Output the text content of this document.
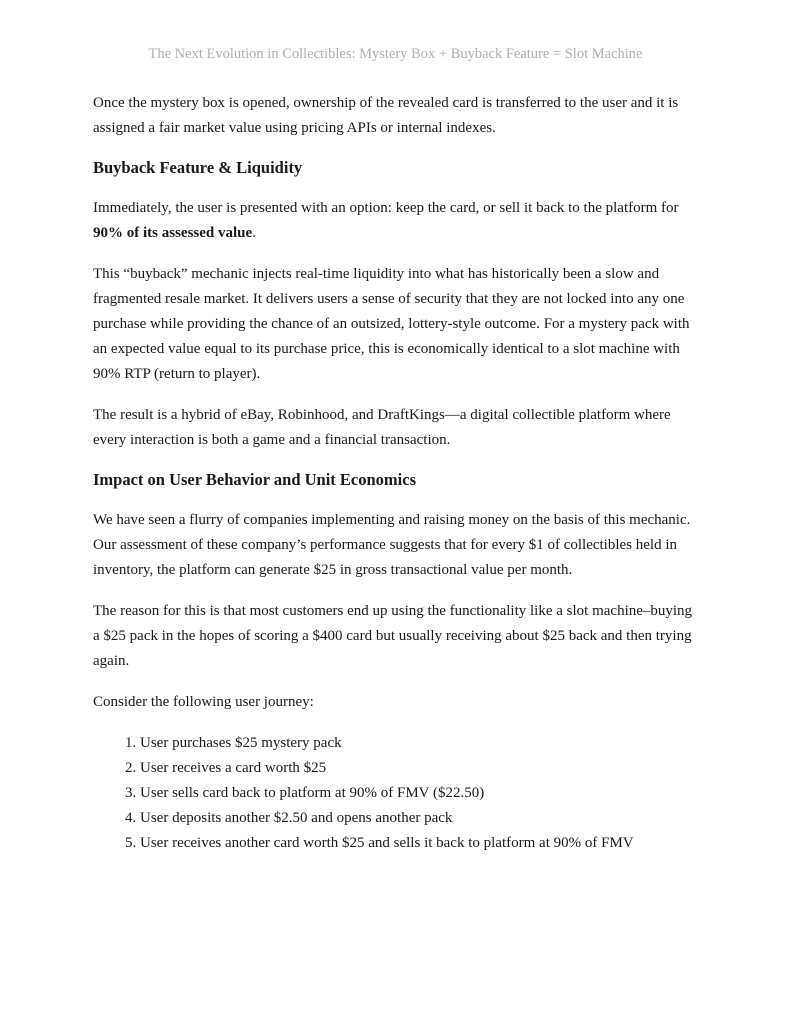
The Next Evolution in Collectibles: Mystery Box + Buyback Feature = Slot Machine

Once the mystery box is opened, ownership of the revealed card is transferred to the user and it is assigned a fair market value using pricing APIs or internal indexes.

Buyback Feature & Liquidity

Immediately, the user is presented with an option: keep the card, or sell it back to the platform for 90% of its assessed value.

This “buyback” mechanic injects real-time liquidity into what has historically been a slow and fragmented resale market. It delivers users a sense of security that they are not locked into any one purchase while providing the chance of an outsized, lottery-style outcome. For a mystery pack with an expected value equal to its purchase price, this is economically identical to a slot machine with 90% RTP (return to player).

The result is a hybrid of eBay, Robinhood, and DraftKings—a digital collectible platform where every interaction is both a game and a financial transaction.

Impact on User Behavior and Unit Economics

We have seen a flurry of companies implementing and raising money on the basis of this mechanic. Our assessment of these company’s performance suggests that for every $1 of collectibles held in inventory, the platform can generate $25 in gross transactional value per month.

The reason for this is that most customers end up using the functionality like a slot machine–buying a $25 pack in the hopes of scoring a $400 card but usually receiving about $25 back and then trying again.

Consider the following user journey:

1. User purchases $25 mystery pack
2. User receives a card worth $25
3. User sells card back to platform at 90% of FMV ($22.50)
4. User deposits another $2.50 and opens another pack
5. User receives another card worth $25 and sells it back to platform at 90% of FMV
